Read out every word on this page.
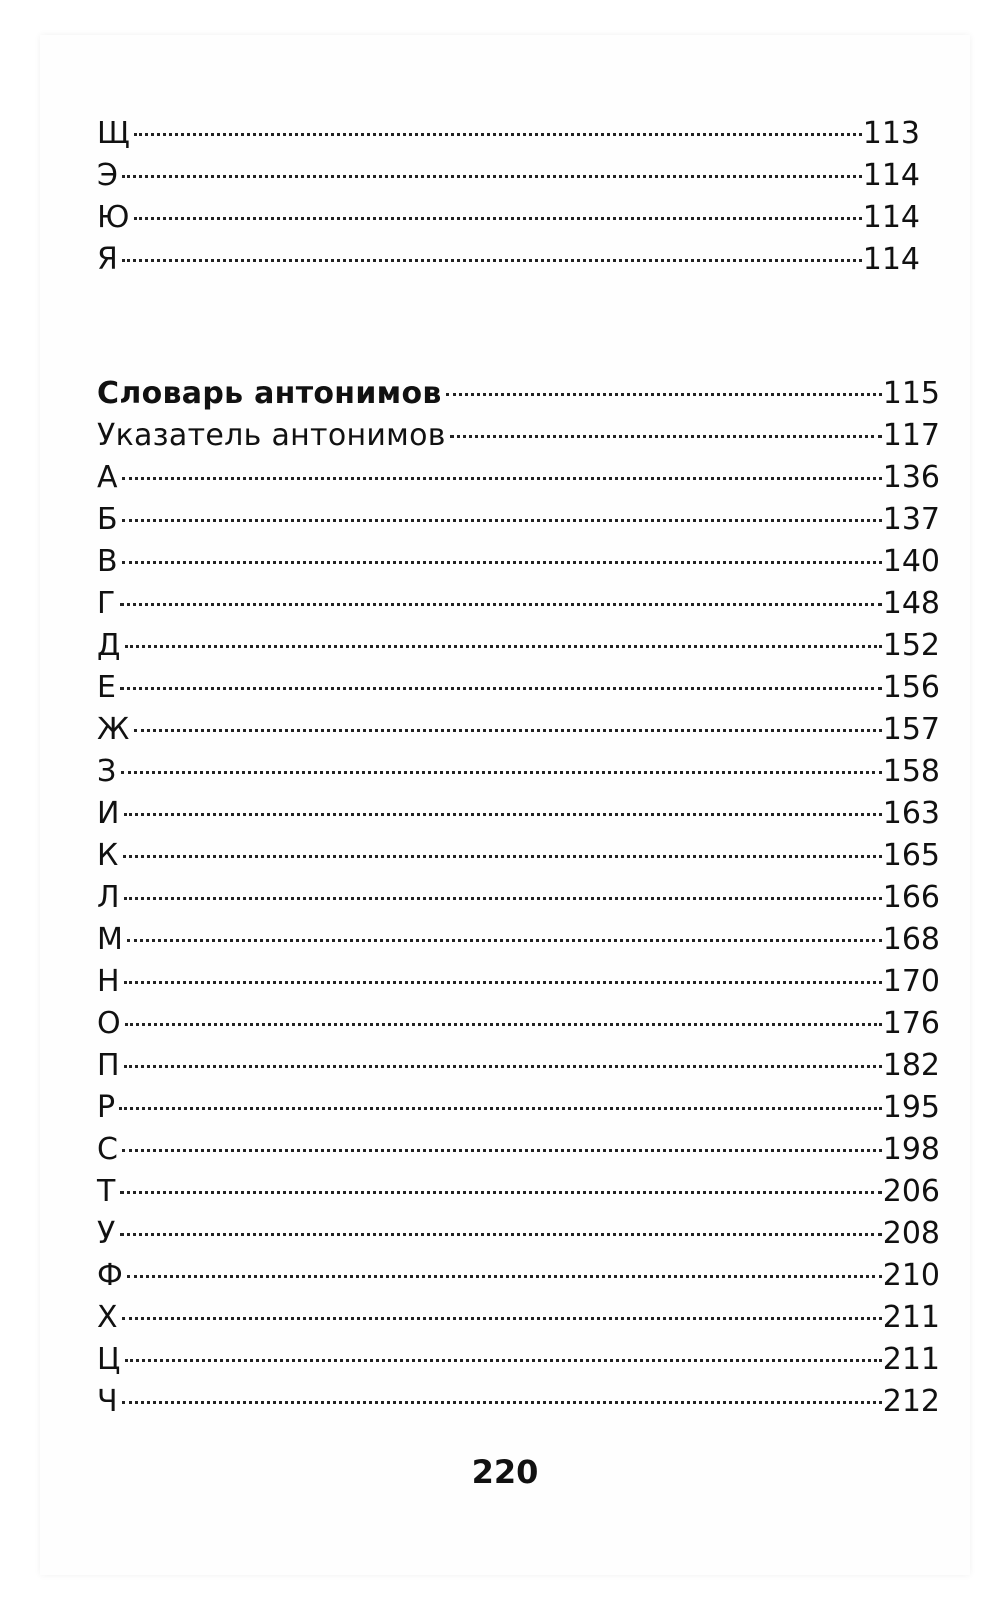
Щ	113
Э	114
Ю	114
Я	114
Словарь антонимов	115
Указатель антонимов	117
А	136
Б	137
В	140
Г	148
Д	152
Е	156
Ж	157
З	158
И	163
К	165
Л	166
М	168
Н	170
О	176
П	182
Р	195
С	198
Т	206
У	208
Ф	210
Х	211
Ц	211
Ч	212
220
